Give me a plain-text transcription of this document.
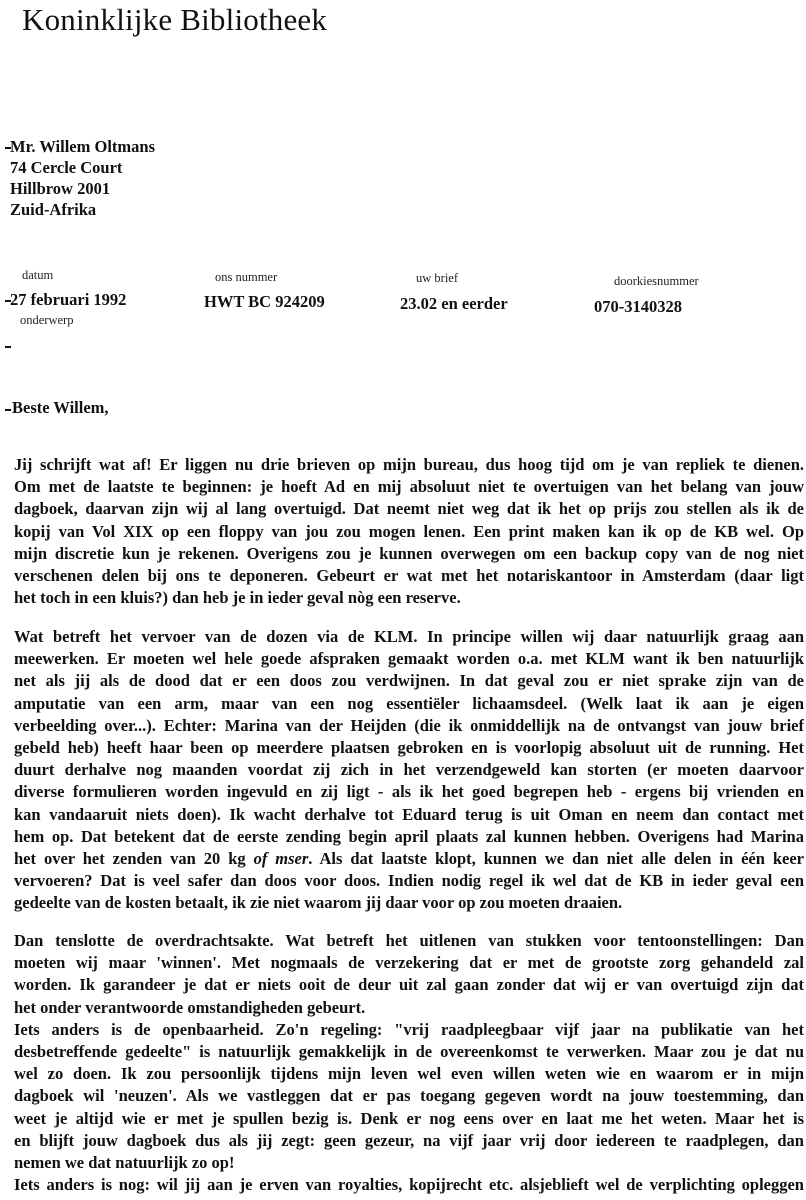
Koninklijke Bibliotheek
Mr. Willem Oltmans
74 Cercle Court
Hillbrow 2001
Zuid-Afrika
datum	ons nummer	uw brief	doorkiesnummer
27 februari 1992	HWT BC 924209	23.02 en eerder	070-3140328
onderwerp
Beste Willem,
Jij schrijft wat af! Er liggen nu drie brieven op mijn bureau, dus hoog tijd om je van repliek te dienen.
Om met de laatste te beginnen: je hoeft Ad en mij absoluut niet te overtuigen van het belang van jouw
dagboek, daarvan zijn wij al lang overtuigd. Dat neemt niet weg dat ik het op prijs zou stellen als ik de
kopij van Vol XIX op een floppy van jou zou mogen lenen. Een print maken kan ik op de KB wel. Op
mijn discretie kun je rekenen. Overigens zou je kunnen overwegen om een backup copy van de nog niet
verschenen delen bij ons te deponeren. Gebeurt er wat met het notariskantoor in Amsterdam (daar ligt
het toch in een kluis?) dan heb je in ieder geval nòg een reserve.
Wat betreft het vervoer van de dozen via de KLM. In principe willen wij daar natuurlijk graag aan
meewerken. Er moeten wel hele goede afspraken gemaakt worden o.a. met KLM want ik ben natuurlijk
net als jij als de dood dat er een doos zou verdwijnen. In dat geval zou er niet sprake zijn van de
amputatie van een arm, maar van een nog essentiëler lichaamsdeel. (Welk laat ik aan je eigen
verbeelding over...). Echter: Marina van der Heijden (die ik onmiddellijk na de ontvangst van jouw brief
gebeld heb) heeft haar been op meerdere plaatsen gebroken en is voorlopig absoluut uit de running. Het
duurt derhalve nog maanden voordat zij zich in het verzendgeweld kan storten (er moeten daarvoor
diverse formulieren worden ingevuld en zij ligt - als ik het goed begrepen heb - ergens bij vrienden en
kan vandaaruit niets doen). Ik wacht derhalve tot Eduard terug is uit Oman en neem dan contact met
hem op. Dat betekent dat de eerste zending begin april plaats zal kunnen hebben. Overigens had Marina
het over het zenden van 20 kg of mser. Als dat laatste klopt, kunnen we dan niet alle delen in één keer
vervoeren? Dat is veel safer dan doos voor doos. Indien nodig regel ik wel dat de KB in ieder geval een
gedeelte van de kosten betaalt, ik zie niet waarom jij daar voor op zou moeten draaien.
Dan tenslotte de overdrachtsakte. Wat betreft het uitlenen van stukken voor tentoonstellingen: Dan
moeten wij maar 'winnen'. Met nogmaals de verzekering dat er met de grootste zorg gehandeld zal
worden. Ik garandeer je dat er niets ooit de deur uit zal gaan zonder dat wij er van overtuigd zijn dat
het onder verantwoorde omstandigheden gebeurt.
Iets anders is de openbaarheid. Zo'n regeling: "vrij raadpleegbaar vijf jaar na publikatie van het
desbetreffende gedeelte" is natuurlijk gemakkelijk in de overeenkomst te verwerken. Maar zou je dat nu
wel zo doen. Ik zou persoonlijk tijdens mijn leven wel even willen weten wie en waarom er in mijn
dagboek wil 'neuzen'. Als we vastleggen dat er pas toegang gegeven wordt na jouw toestemming, dan
weet je altijd wie er met je spullen bezig is. Denk er nog eens over en laat me het weten. Maar het is
en blijft jouw dagboek dus als jij zegt: geen gezeur, na vijf jaar vrij door iedereen te raadplegen, dan
nemen we dat natuurlijk zo op!
Iets anders is nog: wil jij aan je erven van royalties, kopijrecht etc. alsjeblieft wel de verplichting opleggen
